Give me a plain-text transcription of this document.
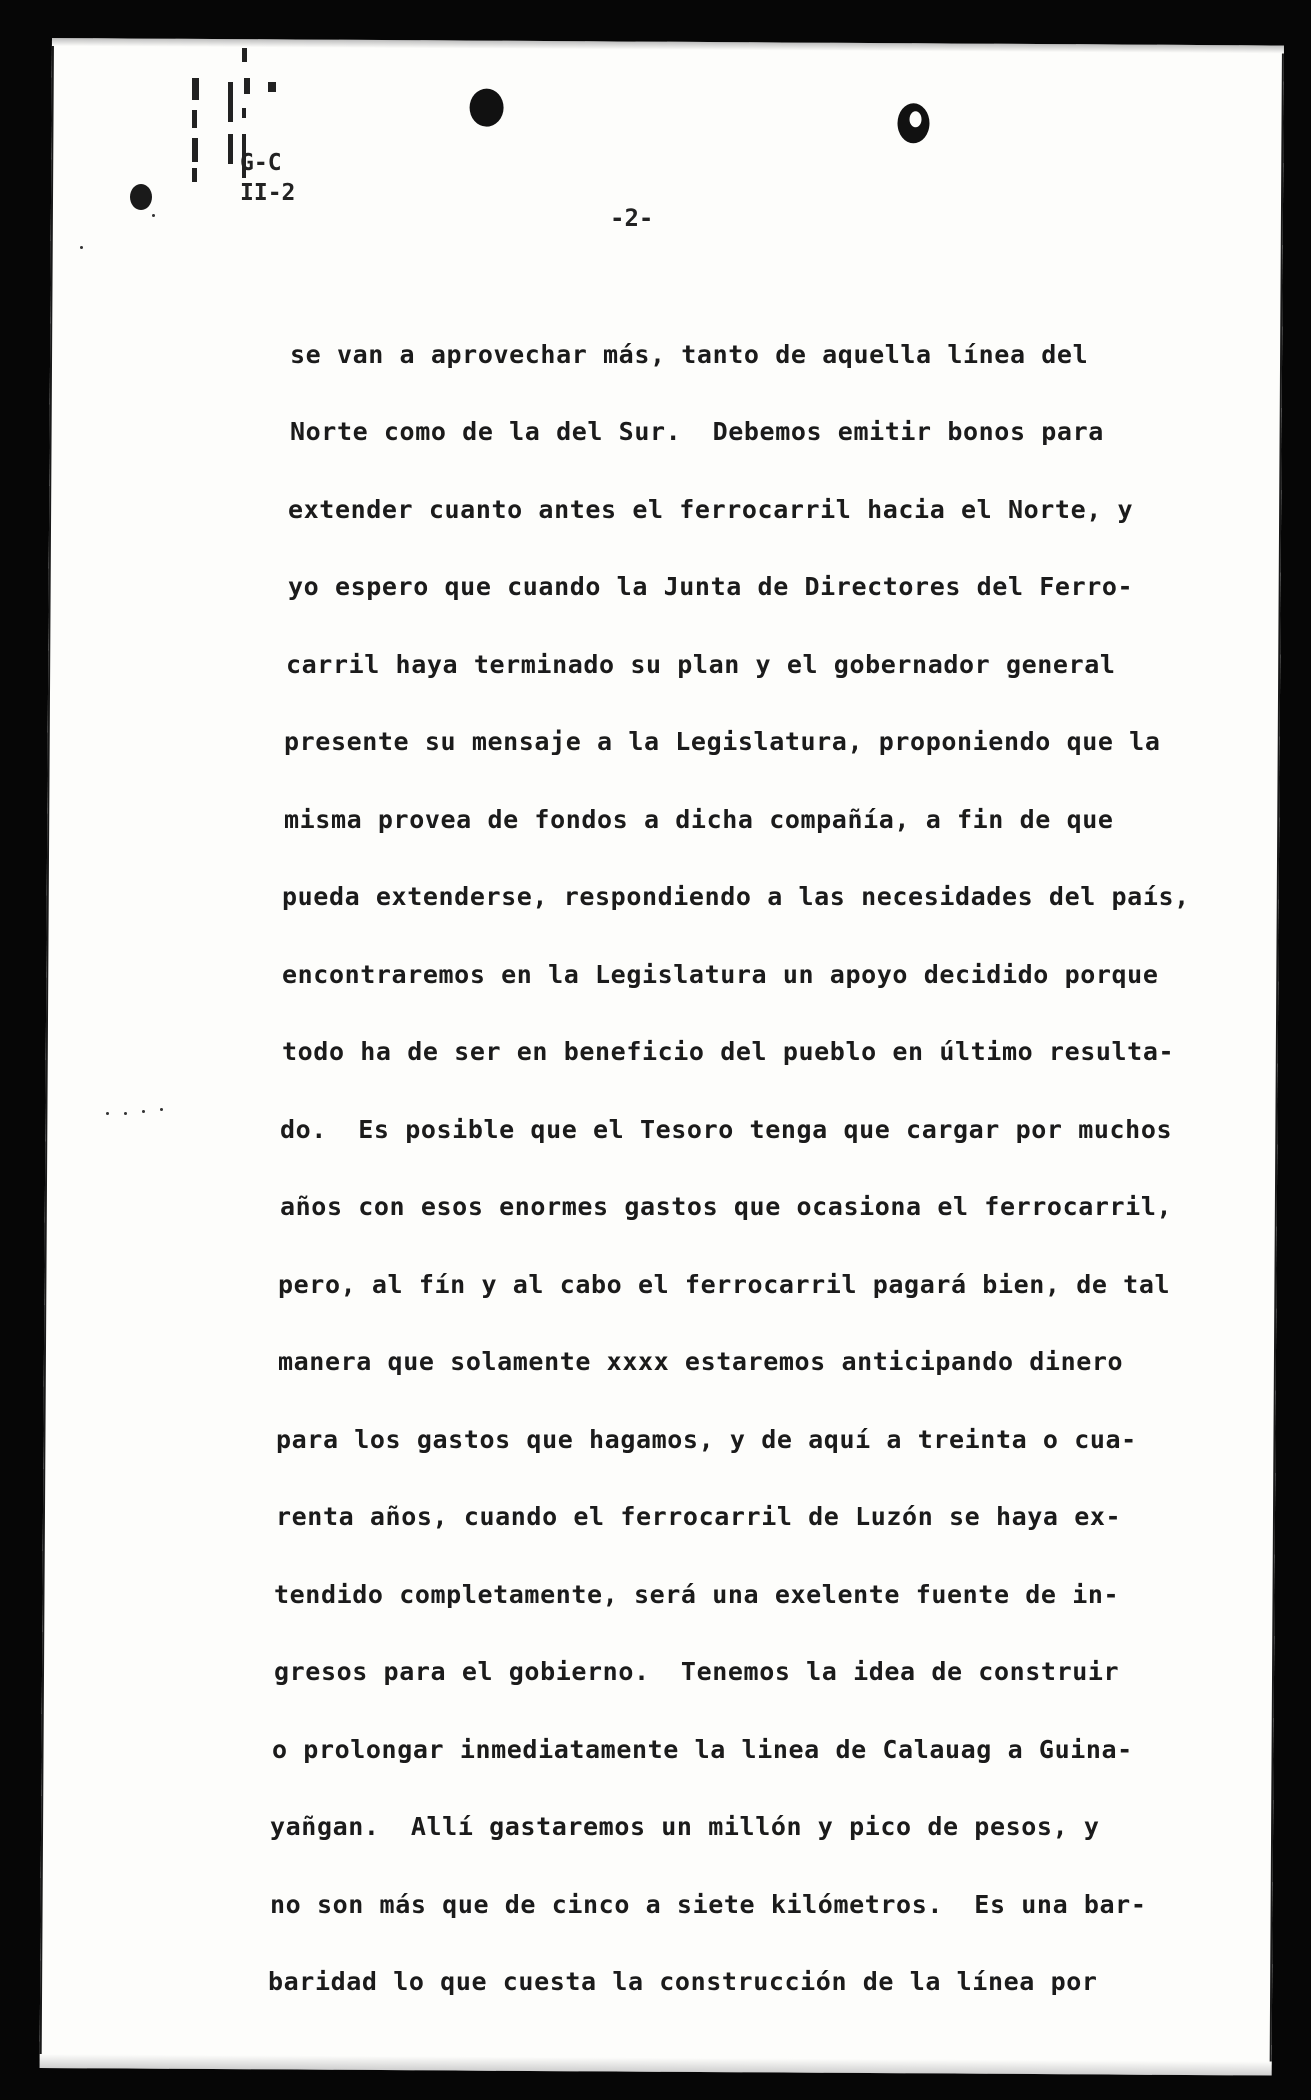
G-C
II-2
-2-
se van a aprovechar más, tanto de aquella línea del
Norte como de la del Sur.  Debemos emitir bonos para
extender cuanto antes el ferrocarril hacia el Norte, y
yo espero que cuando la Junta de Directores del Ferro-
carril haya terminado su plan y el gobernador general
presente su mensaje a la Legislatura, proponiendo que la
misma provea de fondos a dicha compañía, a fin de que
pueda extenderse, respondiendo a las necesidades del país,
encontraremos en la Legislatura un apoyo decidido porque
todo ha de ser en beneficio del pueblo en último resulta-
do.  Es posible que el Tesoro tenga que cargar por muchos
años con esos enormes gastos que ocasiona el ferrocarril,
pero, al fín y al cabo el ferrocarril pagará bien, de tal
manera que solamente xxxx estaremos anticipando dinero
para los gastos que hagamos, y de aquí a treinta o cua-
renta años, cuando el ferrocarril de Luzón se haya ex-
tendido completamente, será una exelente fuente de in-
gresos para el gobierno.  Tenemos la idea de construir
o prolongar inmediatamente la linea de Calauag a Guina-
yañgan.  Allí gastaremos un millón y pico de pesos, y
no son más que de cinco a siete kilómetros.  Es una bar-
baridad lo que cuesta la construcción de la línea por
